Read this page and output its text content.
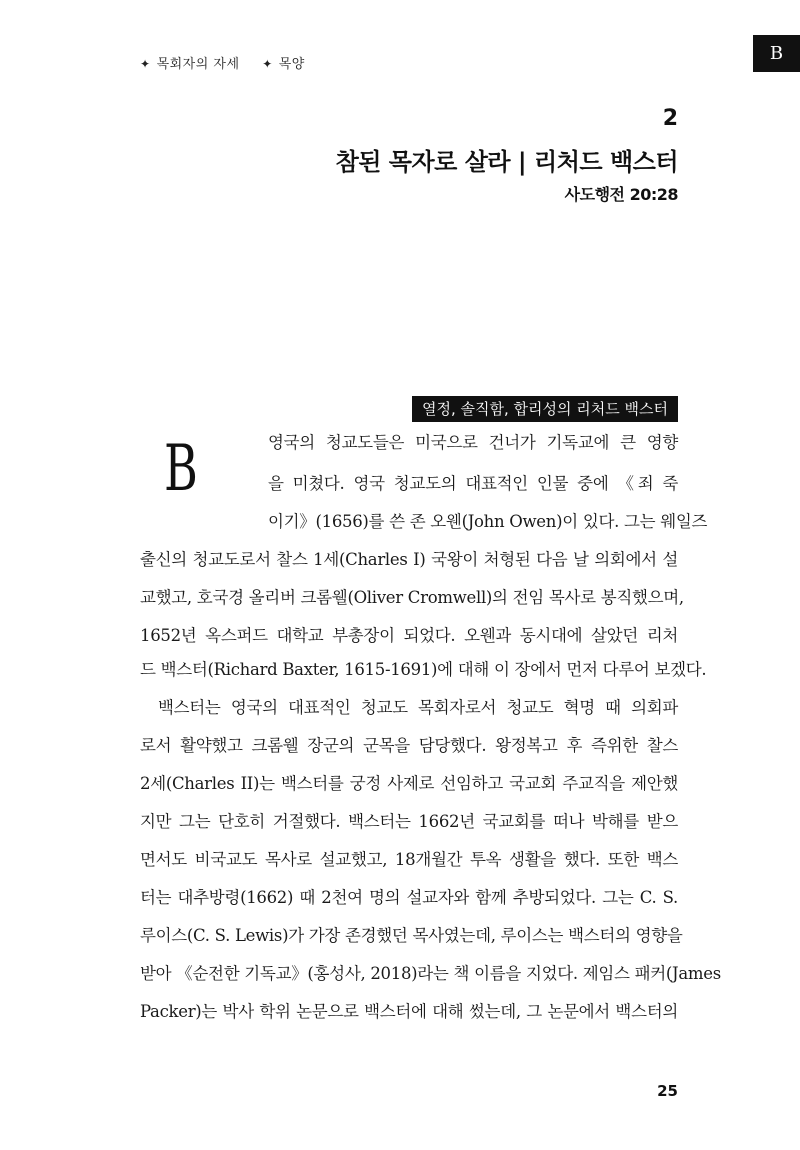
✦ 목회자의 자세 ✦ 목양
B
2
참된 목자로 살라 | 리처드 백스터
사도행전 20:28
열정, 솔직함, 합리성의 리처드 백스터
B	영국의 청교도들은 미국으로 건너가 기독교에 큰 영향
을 미쳤다. 영국 청교도의 대표적인 인물 중에 《죄 죽
이기》(1656)를 쓴 존 오웬(John Owen)이 있다. 그는 웨일즈
출신의 청교도로서 찰스 1세(Charles I) 국왕이 처형된 다음 날 의회에서 설
교했고, 호국경 올리버 크롬웰(Oliver Cromwell)의 전임 목사로 봉직했으며,
1652년 옥스퍼드 대학교 부총장이 되었다. 오웬과 동시대에 살았던 리처
드 백스터(Richard Baxter, 1615-1691)에 대해 이 장에서 먼저 다루어 보겠다.
백스터는 영국의 대표적인 청교도 목회자로서 청교도 혁명 때 의회파
로서 활약했고 크롬웰 장군의 군목을 담당했다. 왕정복고 후 즉위한 찰스
2세(Charles II)는 백스터를 궁정 사제로 선임하고 국교회 주교직을 제안했
지만 그는 단호히 거절했다. 백스터는 1662년 국교회를 떠나 박해를 받으
면서도 비국교도 목사로 설교했고, 18개월간 투옥 생활을 했다. 또한 백스
터는 대추방령(1662) 때 2천여 명의 설교자와 함께 추방되었다. 그는 C. S.
루이스(C. S. Lewis)가 가장 존경했던 목사였는데, 루이스는 백스터의 영향을
받아 《순전한 기독교》(홍성사, 2018)라는 책 이름을 지었다. 제임스 패커(James
Packer)는 박사 학위 논문으로 백스터에 대해 썼는데, 그 논문에서 백스터의
25
